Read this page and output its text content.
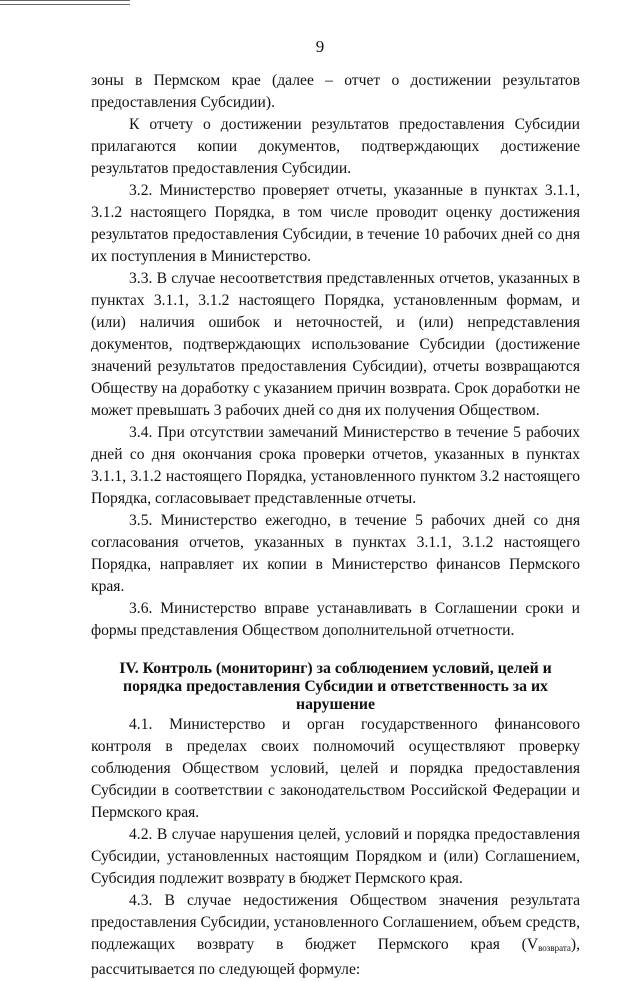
9

зоны в Пермском крае (далее – отчет о достижении результатов предоставления Субсидии).

К отчету о достижении результатов предоставления Субсидии прилагаются копии документов, подтверждающих достижение результатов предоставления Субсидии.

3.2. Министерство проверяет отчеты, указанные в пунктах 3.1.1, 3.1.2 настоящего Порядка, в том числе проводит оценку достижения результатов предоставления Субсидии, в течение 10 рабочих дней со дня их поступления в Министерство.

3.3. В случае несоответствия представленных отчетов, указанных в пунктах 3.1.1, 3.1.2 настоящего Порядка, установленным формам, и (или) наличия ошибок и неточностей, и (или) непредставления документов, подтверждающих использование Субсидии (достижение значений результатов предоставления Субсидии), отчеты возвращаются Обществу на доработку с указанием причин возврата. Срок доработки не может превышать 3 рабочих дней со дня их получения Обществом.

3.4. При отсутствии замечаний Министерство в течение 5 рабочих дней со дня окончания срока проверки отчетов, указанных в пунктах 3.1.1, 3.1.2 настоящего Порядка, установленного пунктом 3.2 настоящего Порядка, согласовывает представленные отчеты.

3.5. Министерство ежегодно, в течение 5 рабочих дней со дня согласования отчетов, указанных в пунктах 3.1.1, 3.1.2 настоящего Порядка, направляет их копии в Министерство финансов Пермского края.

3.6. Министерство вправе устанавливать в Соглашении сроки и формы представления Обществом дополнительной отчетности.

IV. Контроль (мониторинг) за соблюдением условий, целей и порядка предоставления Субсидии и ответственность за их нарушение

4.1. Министерство и орган государственного финансового контроля в пределах своих полномочий осуществляют проверку соблюдения Обществом условий, целей и порядка предоставления Субсидии в соответствии с законодательством Российской Федерации и Пермского края.

4.2. В случае нарушения целей, условий и порядка предоставления Субсидии, установленных настоящим Порядком и (или) Соглашением, Субсидия подлежит возврату в бюджет Пермского края.

4.3. В случае недостижения Обществом значения результата предоставления Субсидии, установленного Соглашением, объем средств, подлежащих возврату в бюджет Пермского края $(V_{возврата})$, рассчитывается по следующей формуле:
